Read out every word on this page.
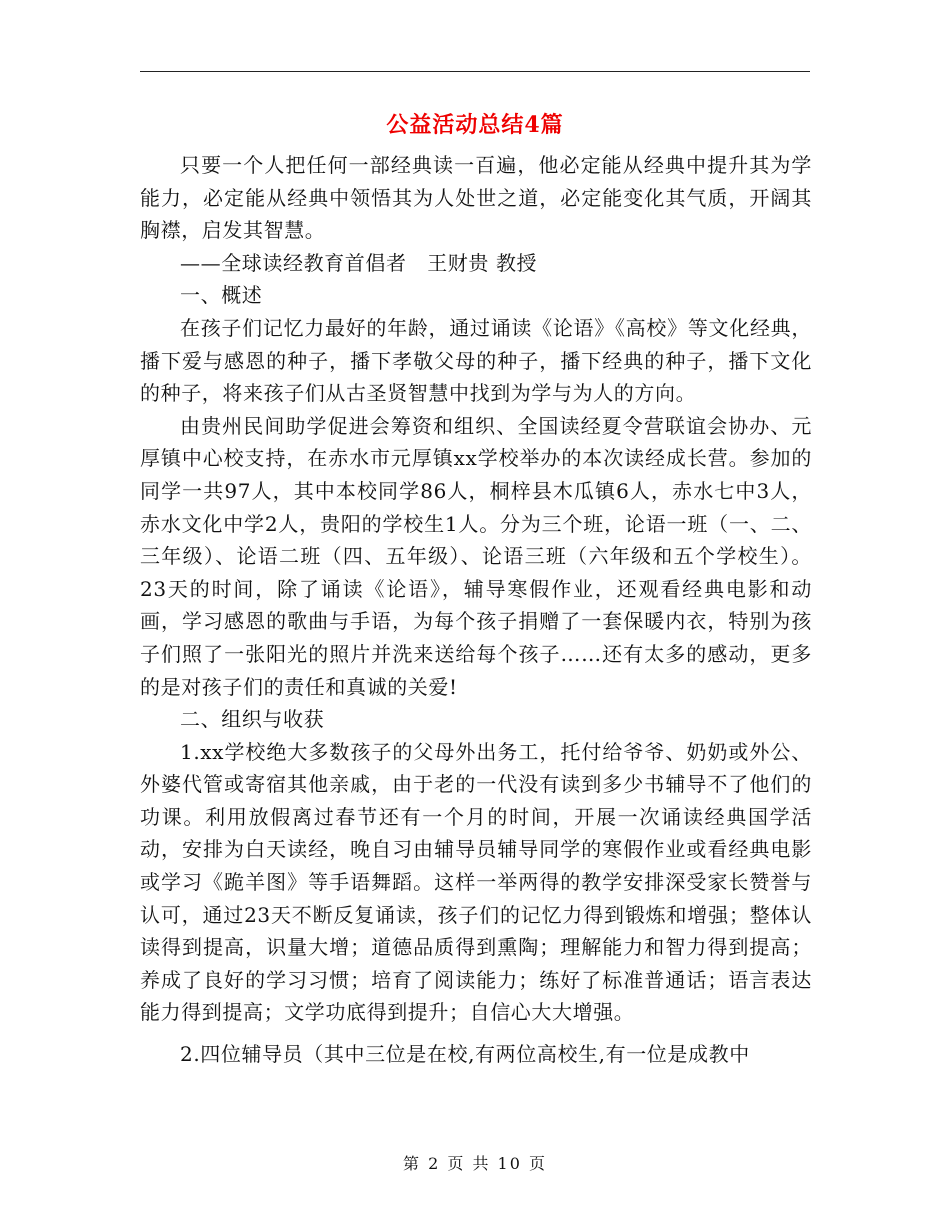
公益活动总结4篇

只要一个人把任何一部经典读一百遍，他必定能从经典中提升其为学能力，必定能从经典中领悟其为人处世之道，必定能变化其气质，开阔其胸襟，启发其智慧。

——全球读经教育首倡者　王财贵 教授

一、概述

在孩子们记忆力最好的年龄，通过诵读《论语》《高校》等文化经典，播下爱与感恩的种子，播下孝敬父母的种子，播下经典的种子，播下文化的种子，将来孩子们从古圣贤智慧中找到为学与为人的方向。

由贵州民间助学促进会筹资和组织、全国读经夏令营联谊会协办、元厚镇中心校支持，在赤水市元厚镇xx学校举办的本次读经成长营。参加的同学一共97人，其中本校同学86人，桐梓县木瓜镇6人，赤水七中3人，赤水文化中学2人，贵阳的学校生1人。分为三个班，论语一班（一、二、三年级）、论语二班（四、五年级）、论语三班（六年级和五个学校生）。23天的时间，除了诵读《论语》，辅导寒假作业，还观看经典电影和动画，学习感恩的歌曲与手语，为每个孩子捐赠了一套保暖内衣，特别为孩子们照了一张阳光的照片并洗来送给每个孩子……还有太多的感动，更多的是对孩子们的责任和真诚的关爱!

二、组织与收获

1.xx学校绝大多数孩子的父母外出务工，托付给爷爷、奶奶或外公、外婆代管或寄宿其他亲戚，由于老的一代没有读到多少书辅导不了他们的功课。利用放假离过春节还有一个月的时间，开展一次诵读经典国学活动，安排为白天读经，晚自习由辅导员辅导同学的寒假作业或看经典电影或学习《跪羊图》等手语舞蹈。这样一举两得的教学安排深受家长赞誉与认可，通过23天不断反复诵读，孩子们的记忆力得到锻炼和增强；整体认读得到提高，识量大增；道德品质得到熏陶；理解能力和智力得到提高；养成了良好的学习习惯；培育了阅读能力；练好了标准普通话；语言表达能力得到提高；文学功底得到提升；自信心大大增强。

2.四位辅导员（其中三位是在校,有两位高校生,有一位是成教中

第 2 页 共 10 页
